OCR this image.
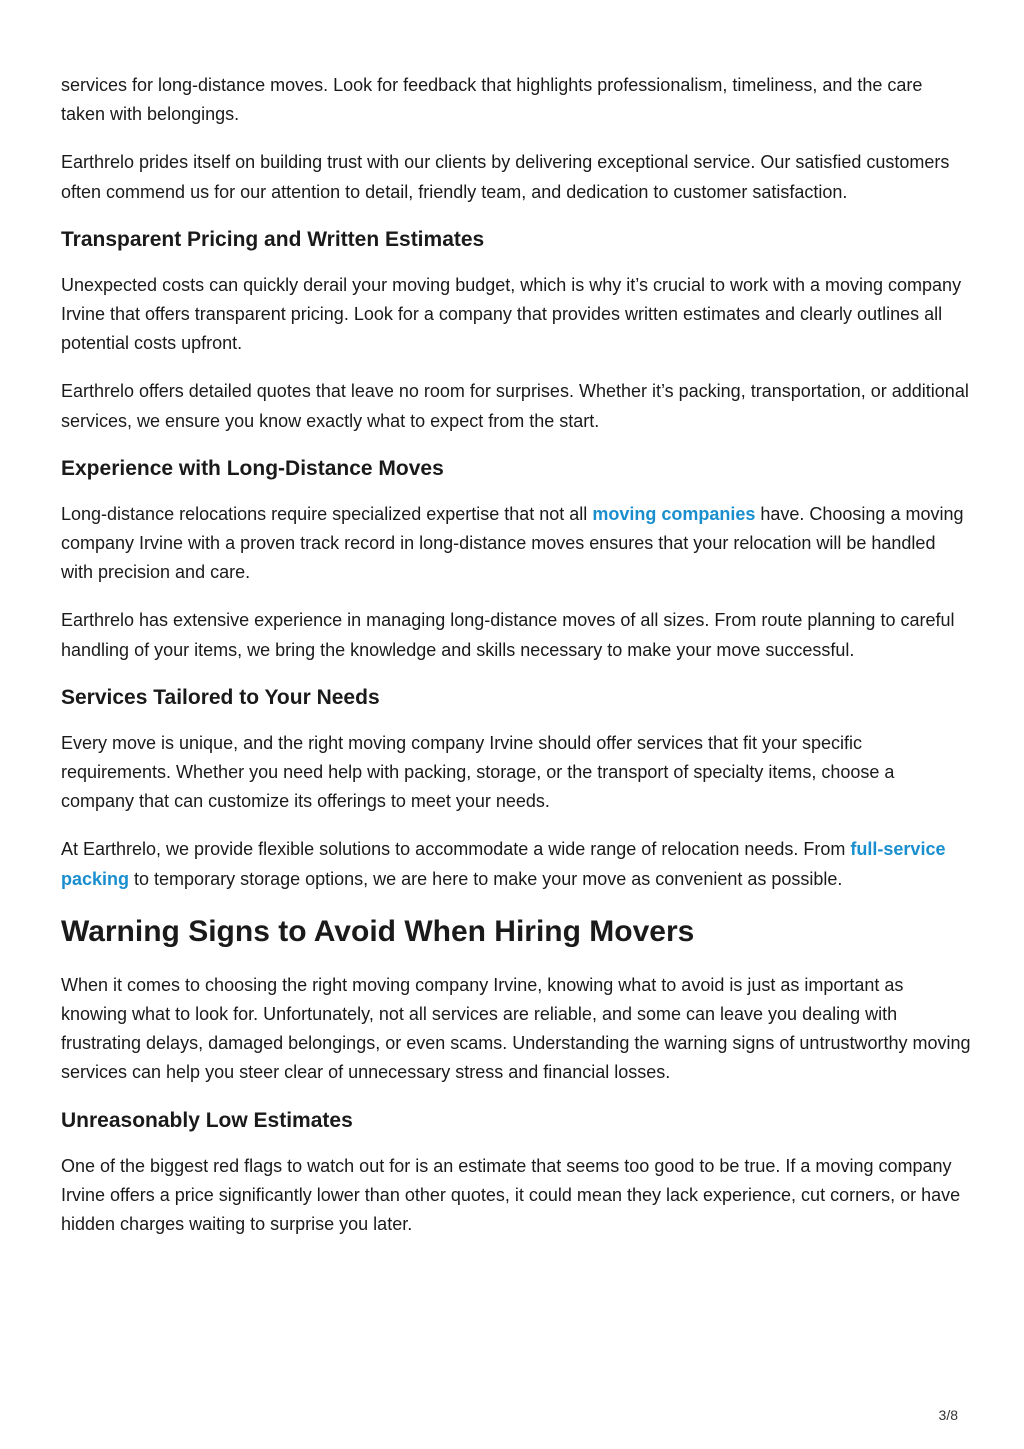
services for long-distance moves. Look for feedback that highlights professionalism, timeliness, and the care taken with belongings.

Earthrelo prides itself on building trust with our clients by delivering exceptional service. Our satisfied customers often commend us for our attention to detail, friendly team, and dedication to customer satisfaction.

Transparent Pricing and Written Estimates

Unexpected costs can quickly derail your moving budget, which is why it’s crucial to work with a moving company Irvine that offers transparent pricing. Look for a company that provides written estimates and clearly outlines all potential costs upfront.

Earthrelo offers detailed quotes that leave no room for surprises. Whether it’s packing, transportation, or additional services, we ensure you know exactly what to expect from the start.

Experience with Long-Distance Moves

Long-distance relocations require specialized expertise that not all moving companies have. Choosing a moving company Irvine with a proven track record in long-distance moves ensures that your relocation will be handled with precision and care.

Earthrelo has extensive experience in managing long-distance moves of all sizes. From route planning to careful handling of your items, we bring the knowledge and skills necessary to make your move successful.

Services Tailored to Your Needs

Every move is unique, and the right moving company Irvine should offer services that fit your specific requirements. Whether you need help with packing, storage, or the transport of specialty items, choose a company that can customize its offerings to meet your needs.

At Earthrelo, we provide flexible solutions to accommodate a wide range of relocation needs. From full-service packing to temporary storage options, we are here to make your move as convenient as possible.

Warning Signs to Avoid When Hiring Movers

When it comes to choosing the right moving company Irvine, knowing what to avoid is just as important as knowing what to look for. Unfortunately, not all services are reliable, and some can leave you dealing with frustrating delays, damaged belongings, or even scams. Understanding the warning signs of untrustworthy moving services can help you steer clear of unnecessary stress and financial losses.

Unreasonably Low Estimates

One of the biggest red flags to watch out for is an estimate that seems too good to be true. If a moving company Irvine offers a price significantly lower than other quotes, it could mean they lack experience, cut corners, or have hidden charges waiting to surprise you later.

3/8
